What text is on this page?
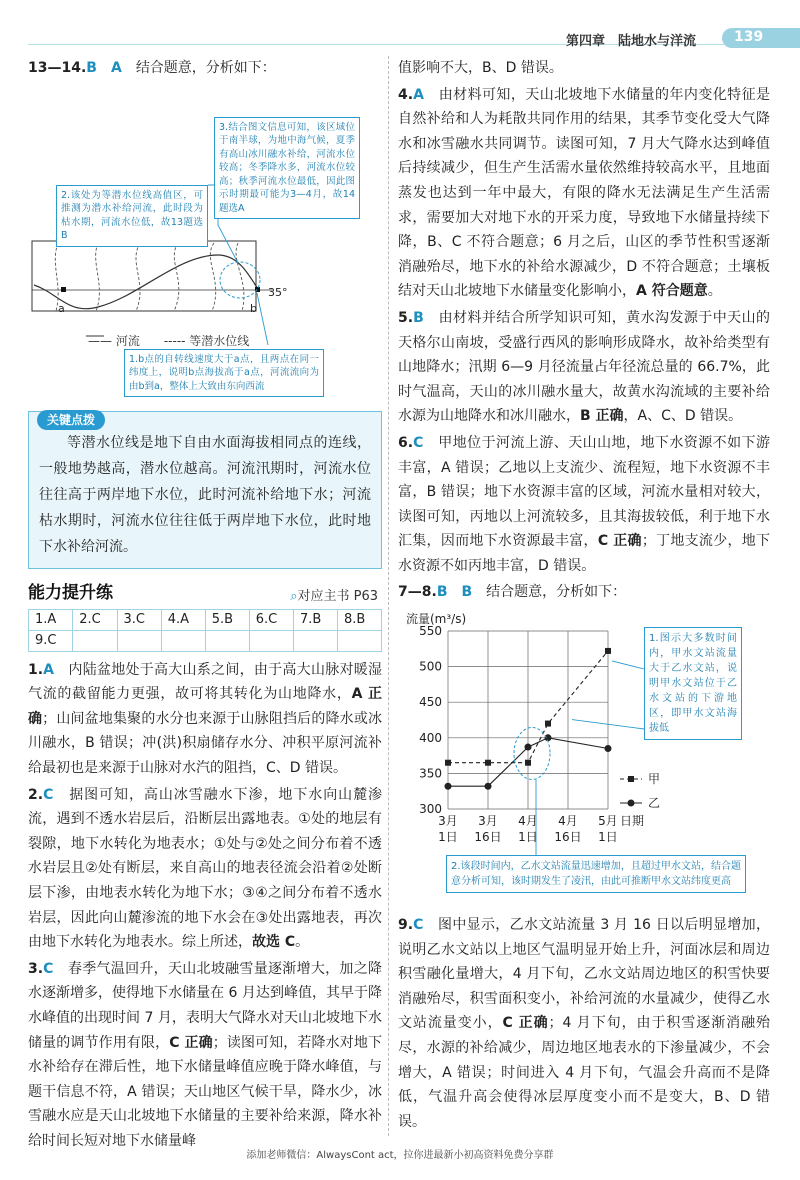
第四章　陆地水与洋流	139
13—14.B　A　 结合题意，分析如下：
3.结合图文信息可知，该区域位于南半球，为地中海气候，夏季有高山冰川融水补给，河流水位较高；冬季降水多，河流水位较高；秋季河流水位最低，因此图示时期最可能为3—4月，故14题选A
2.该处为等潜水位线高值区，可推测为潜水补给河流，此时段为枯水期，河流水位低，故13题选B
1.b点的自转线速度大于a点，且两点在同一纬度上，说明b点海拔高于a点，河流流向为由b到a，整体上大致由东向西流
a	b
35°
—— 河流　　 ----- 等潜水位线
关键点拨
等潜水位线是地下自由水面海拔相同点的连线，一般地势越高，潜水位越高。河流汛期时，河流水位往往高于两岸地下水位，此时河流补给地下水；河流枯水期时，河流水位往往低于两岸地下水位，此时地下水补给河流。
能力提升练	⌕对应主书 P63
1.A	2.C	3.C	4.A	5.B	6.C	7.B	8.B
9.C							
1.A　 内陆盆地处于高大山系之间，由于高大山脉对暖湿气流的截留能力更强，故可将其转化为山地降水，A 正确；山间盆地集聚的水分也来源于山脉阻挡后的降水或冰川融水，B 错误；冲(洪)积扇储存水分、冲积平原河流补给最初也是来源于山脉对水汽的阻挡，C、D 错误。
2.C　 据图可知，高山冰雪融水下渗，地下水向山麓渗流，遇到不透水岩层后，沿断层出露地表。①处的地层有裂隙，地下水转化为地表水；①处与②处之间分布着不透水岩层且②处有断层，来自高山的地表径流会沿着②处断层下渗，由地表水转化为地下水；③④之间分布着不透水岩层，因此向山麓渗流的地下水会在③处出露地表，再次由地下水转化为地表水。综上所述，故选 C。
3.C　 春季气温回升，天山北坡融雪量逐渐增大，加之降水逐渐增多，使得地下水储量在 6 月达到峰值，其早于降水峰值的出现时间 7 月，表明大气降水对天山北坡地下水储量的调节作用有限，C 正确；读图可知，若降水对地下水补给存在滞后性，地下水储量峰值应晚于降水峰值，与题干信息不符，A 错误；天山地区气候干旱，降水少，冰雪融水应是天山北坡地下水储量的主要补给来源，降水补给时间长短对地下水储量峰
值影响不大，B、D 错误。
4.A　 由材料可知，天山北坡地下水储量的年内变化特征是自然补给和人为耗散共同作用的结果，其季节变化受大气降水和冰雪融水共同调节。读图可知，7 月大气降水达到峰值后持续减少，但生产生活需水量依然维持较高水平，且地面蒸发也达到一年中最大，有限的降水无法满足生产生活需求，需要加大对地下水的开采力度，导致地下水储量持续下降，B、C 不符合题意；6 月之后，山区的季节性积雪逐渐消融殆尽，地下水的补给水源减少，D 不符合题意；土壤板结对天山北坡地下水储量变化影响小，A 符合题意。
5.B　 由材料并结合所学知识可知，黄水沟发源于中天山的天格尔山南坡，受盛行西风的影响形成降水，故补给类型有山地降水；汛期 6—9 月径流量占年径流总量的 66.7%，此时气温高，天山的冰川融水量大，故黄水沟流域的主要补给水源为山地降水和冰川融水，B 正确，A、C、D 错误。
6.C　 甲地位于河流上游、天山山地，地下水资源不如下游丰富，A 错误；乙地以上支流少、流程短，地下水资源不丰富，B 错误；地下水资源丰富的区域，河流水量相对较大，读图可知，丙地以上河流较多，且其海拔较低，利于地下水汇集，因而地下水资源最丰富，C 正确；丁地支流少，地下水资源不如丙地丰富，D 错误。
7—8.B　B　 结合题意，分析如下：
300
350
400
450
500
550
3月
1日
3月
16日
4月
1日
4月
16日
5月
1日
流量(m³/s)
日期
甲
乙
1.图示大多数时间内，甲水文站流量大于乙水文站，说明甲水文站位于乙水文站的下游地区，即甲水文站海拔低
2.该段时间内，乙水文站流量迅速增加，且超过甲水文站，结合题意分析可知，该时期发生了凌汛，由此可推断甲水文站纬度更高
9.C　 图中显示，乙水文站流量 3 月 16 日以后明显增加，说明乙水文站以上地区气温明显开始上升，河面冰层和周边积雪融化量增大，4 月下旬，乙水文站周边地区的积雪快要消融殆尽，积雪面积变小，补给河流的水量减少，使得乙水文站流量变小，C 正确；4 月下旬，由于积雪逐渐消融殆尽，水源的补给减少，周边地区地表水的下渗量减少，不会增大，A 错误；时间进入 4 月下旬，气温会升高而不是降低，气温升高会使得冰层厚度变小而不是变大，B、D 错误。
添加老师微信：AlwaysCont act，拉你进最新小初高资料免费分享群
